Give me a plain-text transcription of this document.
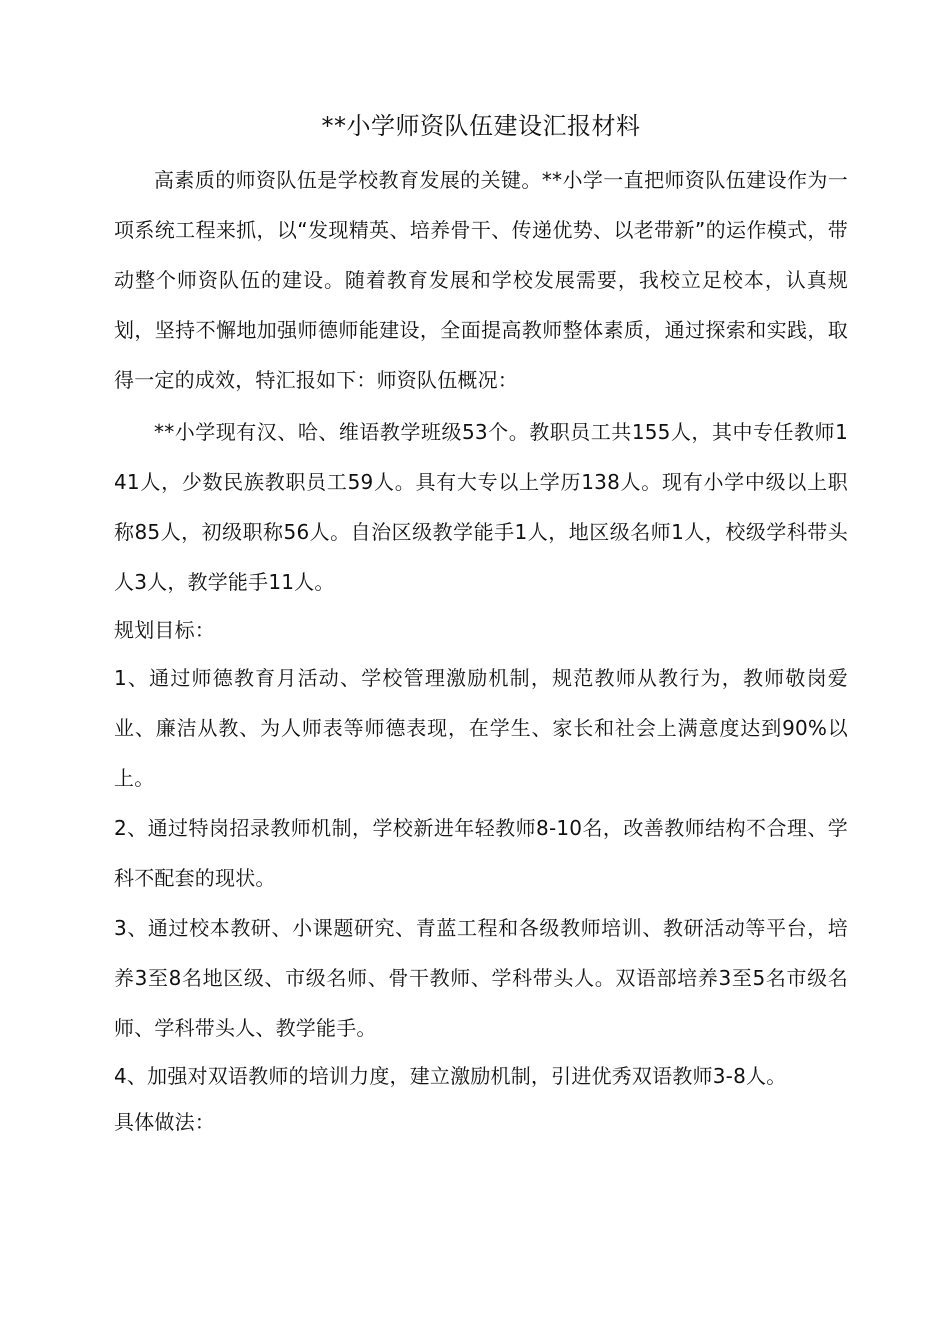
**小学师资队伍建设汇报材料

高素质的师资队伍是学校教育发展的关键。**小学一直把师资队伍建设作为一项系统工程来抓，以“发现精英、培养骨干、传递优势、以老带新”的运作模式，带动整个师资队伍的建设。随着教育发展和学校发展需要，我校立足校本，认真规划，坚持不懈地加强师德师能建设，全面提高教师整体素质，通过探索和实践，取得一定的成效，特汇报如下：师资队伍概况：

**小学现有汉、哈、维语教学班级53个。教职员工共155人，其中专任教师141人，少数民族教职员工59人。具有大专以上学历138人。现有小学中级以上职称85人，初级职称56人。自治区级教学能手1人，地区级名师1人，校级学科带头人3人，教学能手11人。

规划目标：

1、通过师德教育月活动、学校管理激励机制，规范教师从教行为，教师敬岗爱业、廉洁从教、为人师表等师德表现，在学生、家长和社会上满意度达到90%以上。

2、通过特岗招录教师机制，学校新进年轻教师8-10名，改善教师结构不合理、学科不配套的现状。

3、通过校本教研、小课题研究、青蓝工程和各级教师培训、教研活动等平台，培养3至8名地区级、市级名师、骨干教师、学科带头人。双语部培养3至5名市级名师、学科带头人、教学能手。

4、加强对双语教师的培训力度，建立激励机制，引进优秀双语教师3-8人。

具体做法：
